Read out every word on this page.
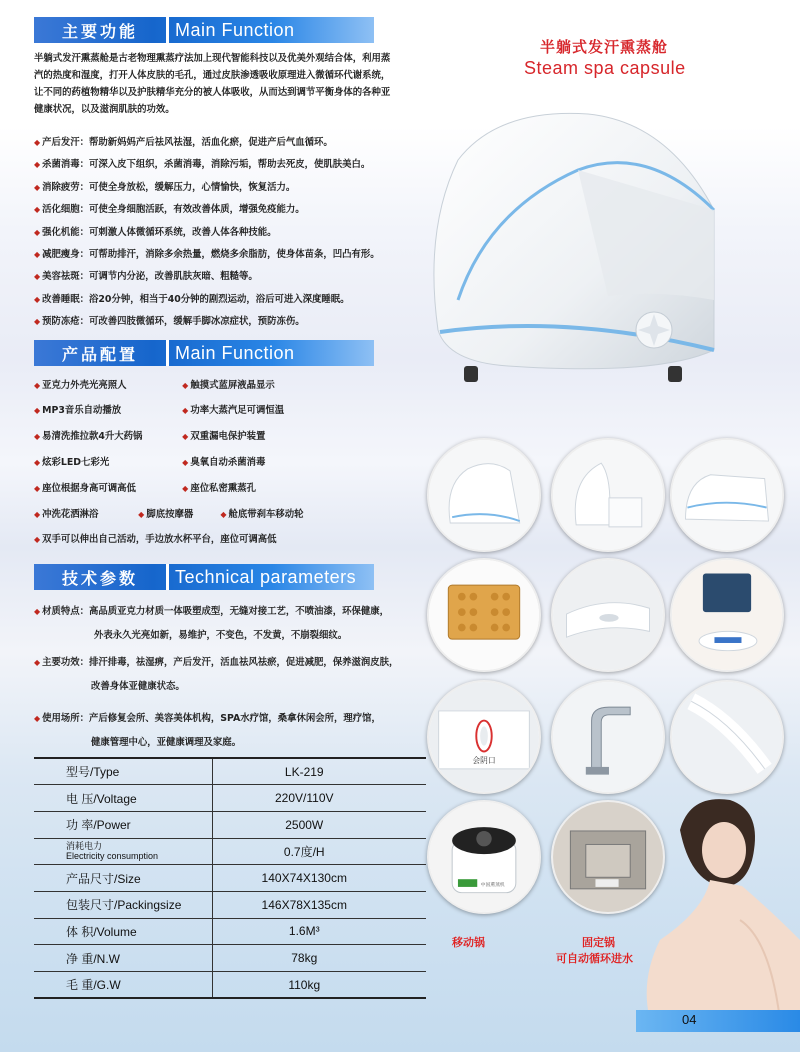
主要功能	Main Function

半躺式发汗熏蒸舱是古老物理熏蒸疗法加上现代智能科技以及优美外观结合体，利用蒸汽的热度和湿度，打开人体皮肤的毛孔，通过皮肤渗透吸收原理进入微循环代谢系统，让不同的药植物精华以及护肤精华充分的被人体吸收，从而达到调节平衡身体的各种亚健康状况，以及滋润肌肤的功效。

◆ 产后发汗：帮助新妈妈产后祛风祛湿，活血化瘀，促进产后气血循环。
◆ 杀菌消毒：可深入皮下组织，杀菌消毒，消除污垢，帮助去死皮，使肌肤美白。
◆ 消除疲劳：可使全身放松，缓解压力，心情愉快，恢复活力。
◆ 活化细胞：可使全身细胞活跃，有效改善体质，增强免疫能力。
◆ 强化机能：可刺激人体微循环系统，改善人体各种技能。
◆ 减肥瘦身：可帮助排汗，消除多余热量，燃烧多余脂肪，使身体苗条，凹凸有形。
◆ 美容祛斑：可调节内分泌，改善肌肤灰暗、粗糙等。
◆ 改善睡眠：浴20分钟，相当于40分钟的剧烈运动，浴后可进入深度睡眠。
◆ 预防冻疮：可改善四肢微循环，缓解手脚冰凉症状，预防冻伤。
产品配置	Main Function
◆ 亚克力外壳光亮照人	◆ 触摸式蓝屏液晶显示
◆ MP3音乐自动播放	◆ 功率大蒸汽足可调恒温
◆ 易清洗推拉款4升大药锅	◆ 双重漏电保护装置
◆ 炫彩LED七彩光	◆ 臭氧自动杀菌消毒
◆ 座位根据身高可调高低	◆ 座位私密熏蒸孔
◆ 冲洗花洒淋浴	◆ 脚底按摩器	◆ 舱底带刹车移动轮
◆ 双手可以伸出自己活动，手边放水杯平台，座位可调高低
技术参数	Technical parameters
◆ 材质特点：高品质亚克力材质一体吸塑成型，无缝对接工艺，不喷油漆，环保健康，
外表永久光亮如新，易维护，不变色，不发黄，不崩裂细纹。
◆ 主要功效：排汗排毒，祛湿痹，产后发汗，活血祛风祛瘀，促进减肥，保养滋润皮肤，
改善身体亚健康状态。
◆ 使用场所：产后修复会所、美容美体机构，SPA水疗馆，桑拿休闲会所，理疗馆，
健康管理中心，亚健康调理及家庭。
型号/Type	LK-219
电 压/Voltage	220V/110V
功 率/Power	2500W

消耗电力
Electricity consumption	0.7度/H
产品尺寸/Size	140X74X130cm
包装尺寸/Packingsize	146X78X135cm
体 积/Volume	1.6M³
净 重/N.W	78kg
毛 重/G.W	110kg
半躺式发汗熏蒸舱
Steam spa capsule
会阴口
中国熏蒸机
移动锅	固定锅
可自动循环进水
04
